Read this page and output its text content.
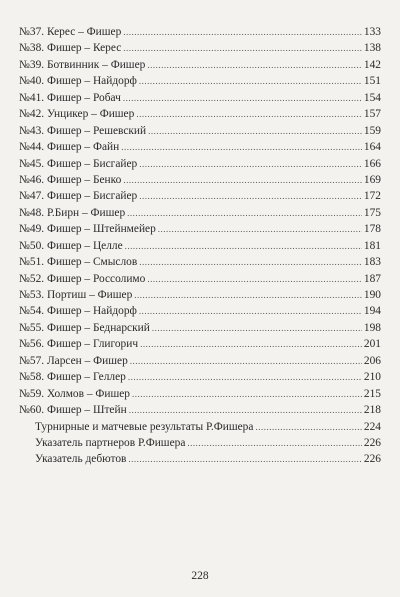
№37. Керес – Фишер .....	133
№38. Фишер – Керес .....	138
№39. Ботвинник – Фишер .....	142
№40. Фишер – Найдорф .....	151
№41. Фишер – Робач .....	154
№42. Унцикер – Фишер .....	157
№43. Фишер – Решевский .....	159
№44. Фишер – Файн .....	164
№45. Фишер – Бисгайер .....	166
№46. Фишер – Бенко .....	169
№47. Фишер – Бисгайер .....	172
№48. Р.Бирн – Фишер .....	175
№49. Фишер – Штейнмейер .....	178
№50. Фишер – Целле .....	181
№51. Фишер – Смыслов .....	183
№52. Фишер – Россолимо .....	187
№53. Портиш – Фишер .....	190
№54. Фишер – Найдорф .....	194
№55. Фишер – Беднарский .....	198
№56. Фишер – Глигорич .....	201
№57. Ларсен – Фишер .....	206
№58. Фишер – Геллер .....	210
№59. Холмов – Фишер .....	215
№60. Фишер – Штейн .....	218
Турнирные и матчевые результаты Р.Фишера .....	224
Указатель партнеров Р.Фишера .....	226
Указатель дебютов .....	226
228
